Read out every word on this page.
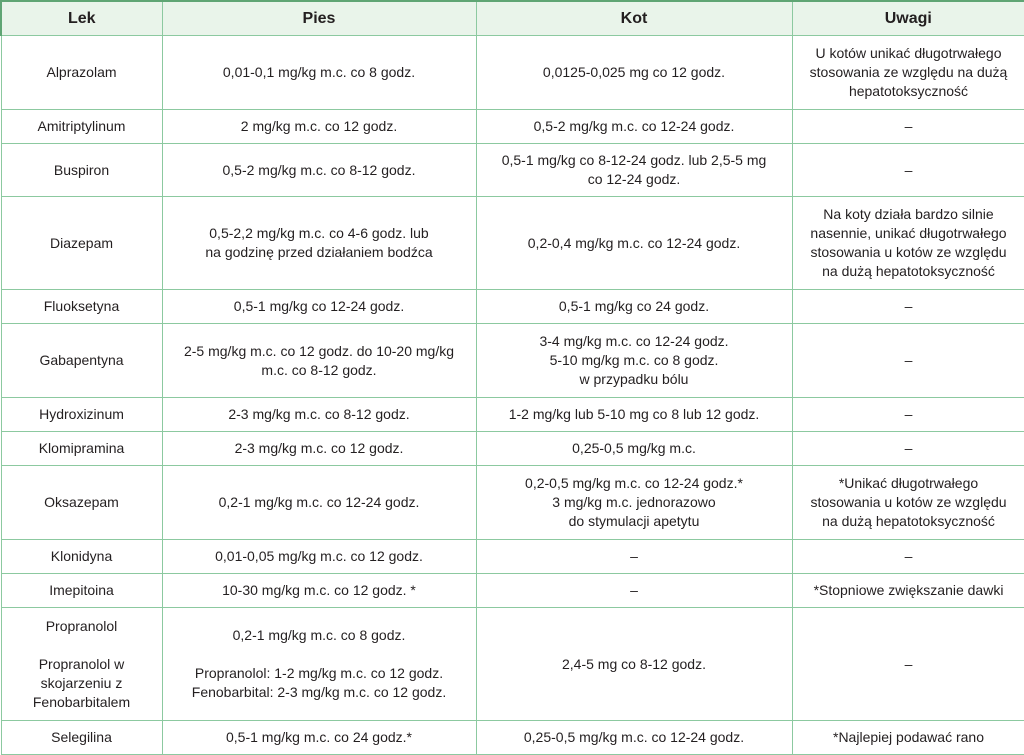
Lek	Pies	Kot	Uwagi
Alprazolam	0,01-0,1 mg/kg m.c. co 8 godz.	0,0125-0,025 mg co 12 godz.	U kotów unikać długotrwałego
stosowania ze względu na dużą
hepatotoksyczność
Amitriptylinum	2 mg/kg m.c. co 12 godz.	0,5-2 mg/kg m.c. co 12-24 godz.	–
Buspiron	0,5-2 mg/kg m.c. co 8-12 godz.	0,5-1 mg/kg co 8-12-24 godz. lub 2,5-5 mg
co 12-24 godz.	–
Diazepam	0,5-2,2 mg/kg m.c. co 4-6 godz. lub
na godzinę przed działaniem bodźca	0,2-0,4 mg/kg m.c. co 12-24 godz.	Na koty działa bardzo silnie
nasennie, unikać długotrwałego
stosowania u kotów ze względu
na dużą hepatotoksyczność
Fluoksetyna	0,5-1 mg/kg co 12-24 godz.	0,5-1 mg/kg co 24 godz.	–
Gabapentyna	2-5 mg/kg m.c. co 12 godz. do 10-20 mg/kg
m.c. co 8-12 godz.	3-4 mg/kg m.c. co 12-24 godz.
5-10 mg/kg m.c. co 8 godz.
w przypadku bólu	–
Hydroxizinum	2-3 mg/kg m.c. co 8-12 godz.	1-2 mg/kg lub 5-10 mg co 8 lub 12 godz.	–
Klomipramina	2-3 mg/kg m.c. co 12 godz.	0,25-0,5 mg/kg m.c.	–
Oksazepam	0,2-1 mg/kg m.c. co 12-24 godz.	0,2-0,5 mg/kg m.c. co 12-24 godz.*
3 mg/kg m.c. jednorazowo
do stymulacji apetytu	*Unikać długotrwałego
stosowania u kotów ze względu
na dużą hepatotoksyczność
Klonidyna	0,01-0,05 mg/kg m.c. co 12 godz.	–	–
Imepitoina	10-30 mg/kg m.c. co 12 godz. *	–	*Stopniowe zwiększanie dawki
Propranolol

Propranolol w
skojarzeniu z
Fenobarbitalem	0,2-1 mg/kg m.c. co 8 godz.

Propranolol: 1-2 mg/kg m.c. co 12 godz.
Fenobarbital: 2-3 mg/kg m.c. co 12 godz.	2,4-5 mg co 8-12 godz.	–
Selegilina	0,5-1 mg/kg m.c. co 24 godz.*	0,25-0,5 mg/kg m.c. co 12-24 godz.	*Najlepiej podawać rano
